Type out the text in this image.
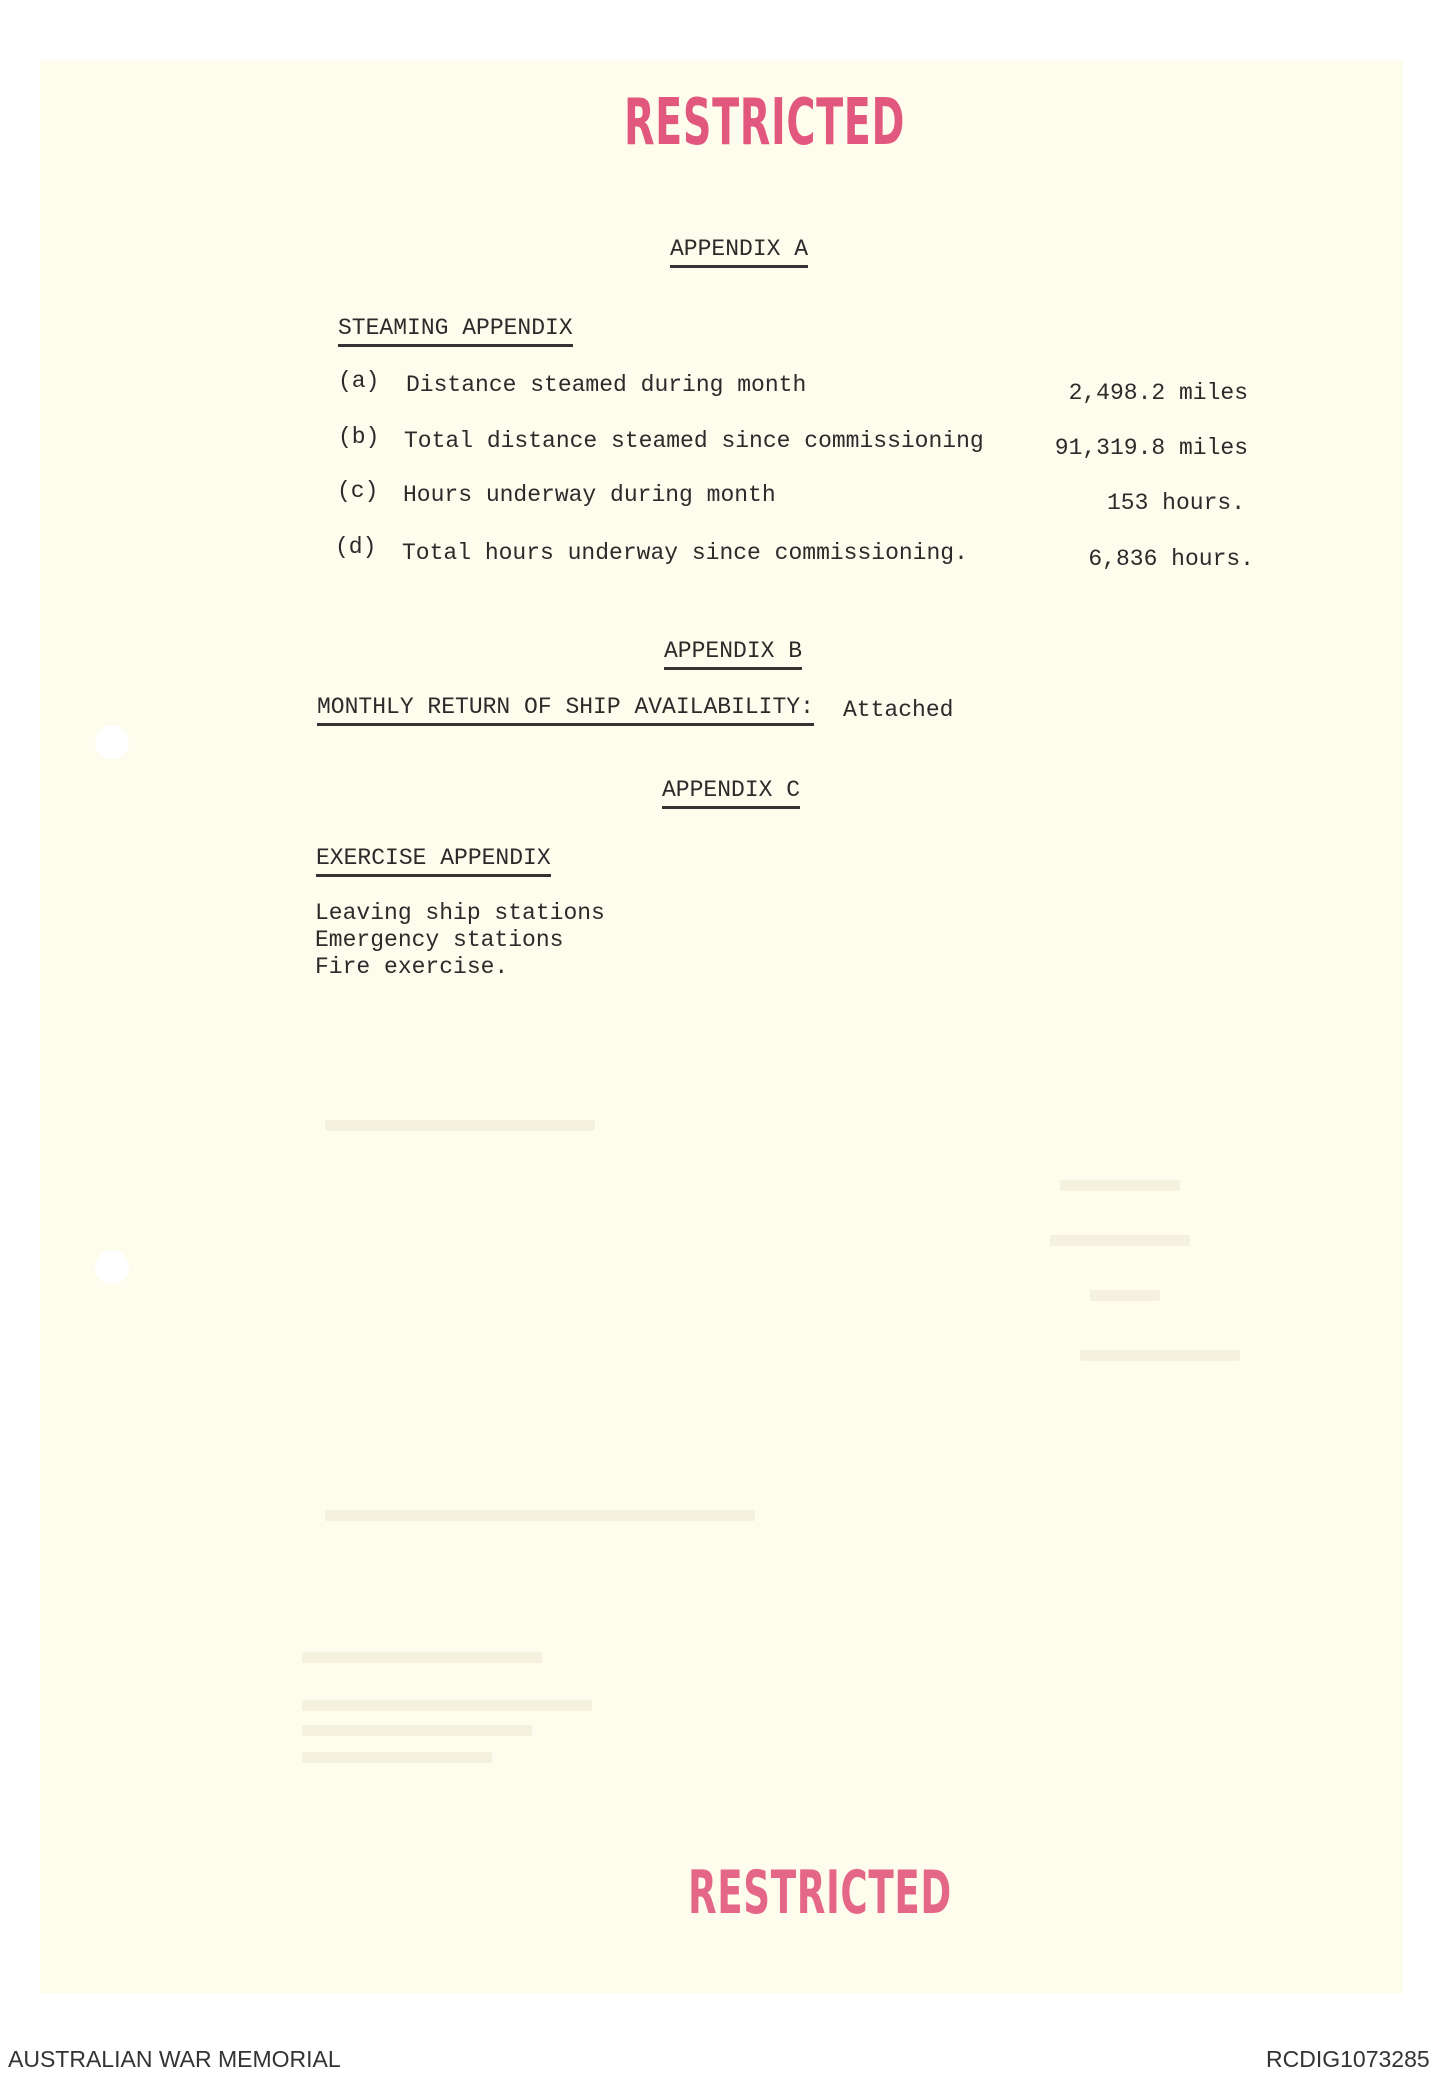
RESTRICTED
APPENDIX A
STEAMING APPENDIX
(a) Distance steamed during month	2,498.2 miles
(b) Total distance steamed since commissioning	91,319.8 miles
(c) Hours underway during month	153 hours.
(d) Total hours underway since commissioning.	6,836 hours.
APPENDIX B
MONTHLY RETURN OF SHIP AVAILABILITY: Attached
APPENDIX C
EXERCISE APPENDIX
Leaving ship stations
Emergency stations
Fire exercise.
RESTRICTED
AUSTRALIAN WAR MEMORIAL	RCDIG1073285
